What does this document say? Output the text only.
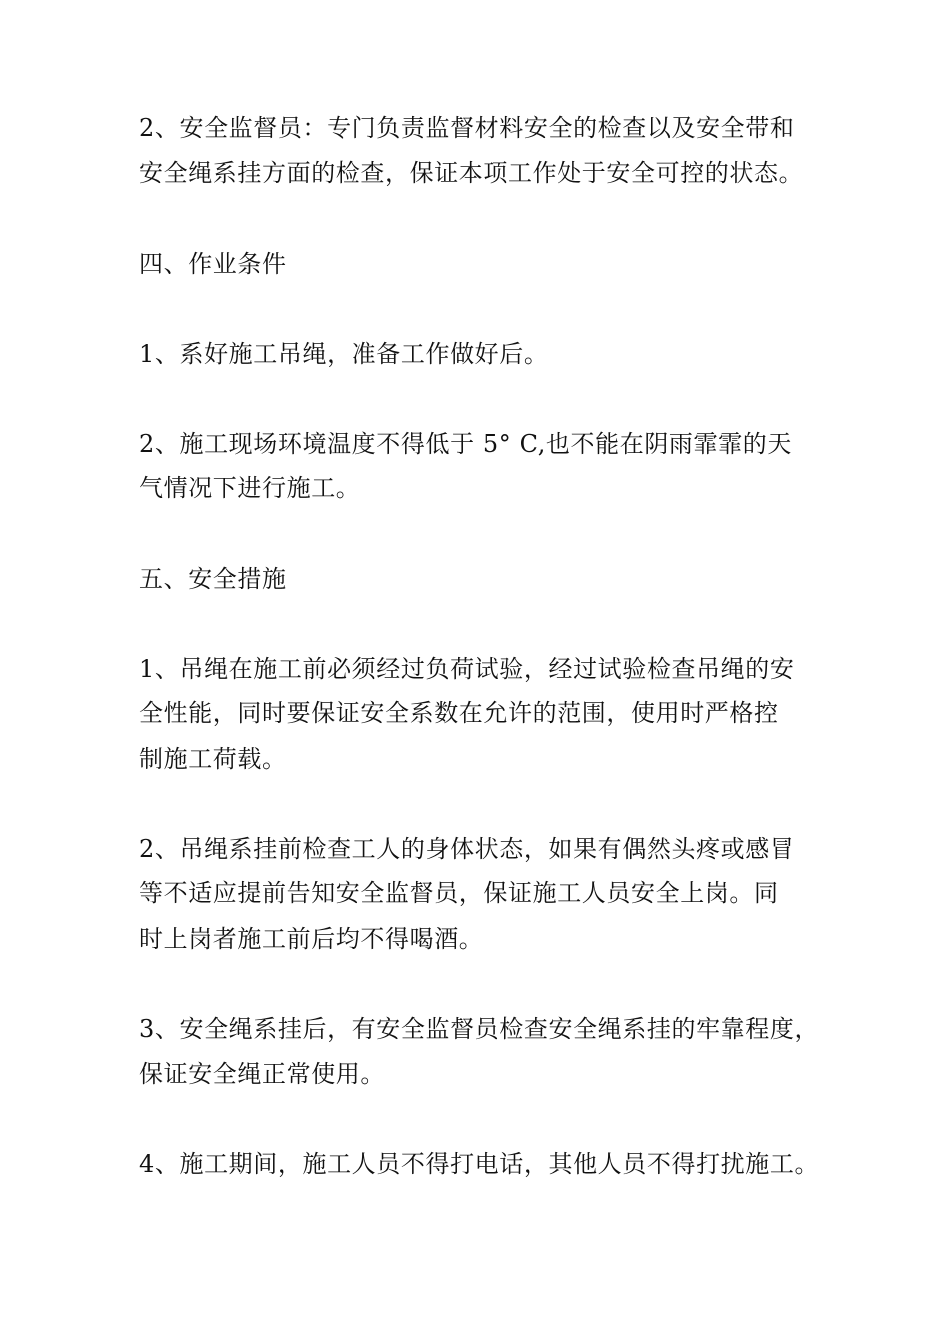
2、安全监督员：专门负责监督材料安全的检查以及安全带和
安全绳系挂方面的检查，保证本项工作处于安全可控的状态。
四、作业条件
1、系好施工吊绳，准备工作做好后。
2、施工现场环境温度不得低于 5° C,也不能在阴雨霏霏的天
气情况下进行施工。
五、安全措施
1、吊绳在施工前必须经过负荷试验，经过试验检查吊绳的安
全性能，同时要保证安全系数在允许的范围，使用时严格控
制施工荷载。
2、吊绳系挂前检查工人的身体状态，如果有偶然头疼或感冒
等不适应提前告知安全监督员，保证施工人员安全上岗。同
时上岗者施工前后均不得喝酒。
3、安全绳系挂后，有安全监督员检查安全绳系挂的牢靠程度，
保证安全绳正常使用。
4、施工期间，施工人员不得打电话，其他人员不得打扰施工。
